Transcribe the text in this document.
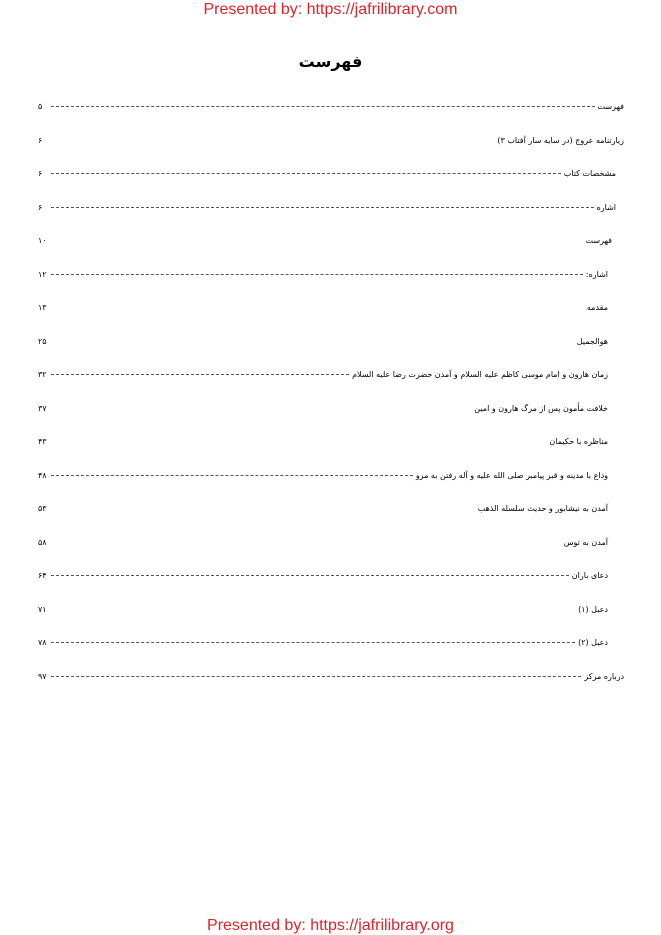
Presented by: https://jafrilibrary.com
فهرست
فهرست
۵
زیارتنامه عروج (در سایه سار آفتاب ۳)
۶
مشخصات کتاب
۶
اشاره
۶
فهرست
۱۰
اشاره:
۱۲
مقدمه
۱۳
هوالجمیل
۲۵
زمان هارون و امام موسی کاظم علیه السلام و آمدن حضرت رضا علیه السلام
۳۲
خلافت مأمون پس از مرگ هارون و امین
۳۷
مناظره با حکیمان
۴۳
وداع با مدینه و قبر پیامبر صلی الله علیه و آله رفتن به مرو
۴۸
آمدن به نیشابور و حدیث سلسله الذهب
۵۳
آمدن به توس
۵۸
دعای باران
۶۴
دعبل (۱)
۷۱
دعبل (۲)
۷۸
درباره مرکز
۹۷
Presented by: https://jafrilibrary.org
